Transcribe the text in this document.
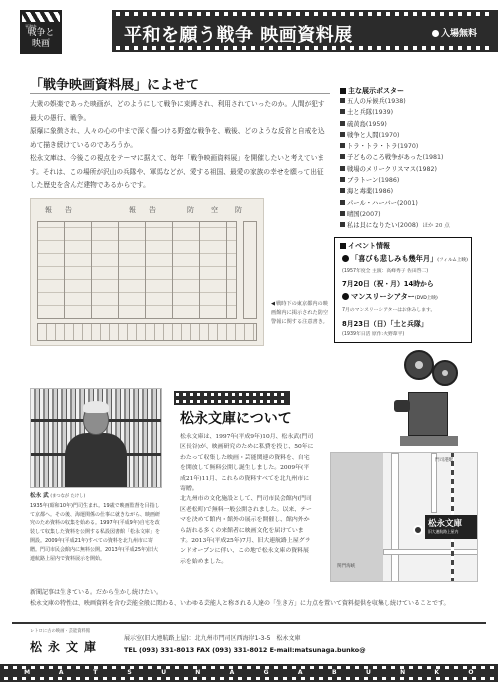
平和を
戦争と
映画	平和を願う戦争 映画資料展	入場無料
「戦争映画資料展」によせて

大衆の娯楽であった映画が、どのようにして戦争に束縛され、利用されていったのか。人間が犯す最大の愚行、戦争。

原爆に象徴され、人々の心の中まで深く傷つける野蛮な戦争を、戦後、どのような反省と自戒を込めて描き続けているのであろうか。

松永文庫は、今後この視点をテーマに据えて、毎年「戦争映画資料展」を開催したいと考えています。それは、この場所が沢山の兵隊や、軍馬などが、愛する祖国、最愛の家族の幸せを願って出征した歴史を含んだ建物であるからです。

報 告	報 告	防 空 防
◀戦時下の東京都内の映画館内に掲示された防空警報に関する注意書き。
松永 武 (まつなが たけし)
1935年(昭和10年)門司生まれ。19歳で映画監督を目指して京都へ。その後、海運関係の仕事に就きながら、映画研究のため資料の収集を始める。1997年(平成9年)自宅を改装して収集した資料を公開する私設図書館「松永文庫」を開設。2009年(平成21年)すべての資料を北九州市に寄贈。門司市民会館内に無料公開。2013年(平成25年)旧大連航路上屋内で資料展示を開始。
松永文庫について

松永文庫は、1997年(平成9年)10月、松永武(門司区長谷)が、映画研究のために私費を投じ、50年にわたって収集した映画・芸能関連の資料を、自宅を開放して無料公開し誕生しました。2009年(平成21年)11月、これらの資料すべてを北九州市に寄贈。

北九州市の文化施設として、門司市民会館内(門司区老松町)で無料一般公開されました。以来、テーマを決めて館内・館外の展示を開催し、館内外から訪れる多くの来館者に映画文化を届けています。2013年(平成25年)7月、旧大連航路上屋グランドオープンに伴い、この地で松永文庫の資料展示を始めました。

主な展示ポスター
五人の斥候兵(1938)
土と兵隊(1939)
硫黄島(1959)
戦争と人間(1970)
トラ・トラ・トラ(1970)
子どものころ戦争があった(1981)
戦場のメリークリスマス(1982)
ブラトーン(1986)
海と毒薬(1986)
パール・ハーバー(2001)
晴国(2007)
私は貝になりたい(2008) ほか 20 点
イベント情報
「喜びも悲しみも幾年月」(フィルム上映)
(1957年度全 主演：高峰秀子 佐田啓二)
7月20日（祝・月）14時から
マンスリーシアター(DVD上映)
7月のマンスリーシアターはお休みします。
8月23日（日）「土と兵隊」
(1939年日活 原作:火野葦平)
門司港駅
関門海峡
松永文庫
旧大連航路上屋内

新聞記事は生きている。だから生かし続けたい。

松永文庫の特性は、映画資料を含む芸能全般に関わる、いわゆる芸能人と称される人達の「生き方」に力点を置いて資料提供を収集し続けていることです。

レトロに古の映画・芸能資料館
松永文庫
展示室(旧大連航路上屋)：北九州市門司区西海岸1-3-5　松永文庫
TEL (093) 331-8013 FAX (093) 331-8012 E-mail:matsunaga.bunko@
M	A	T	S	U	N	A	G	A	B	U	N	K	O
